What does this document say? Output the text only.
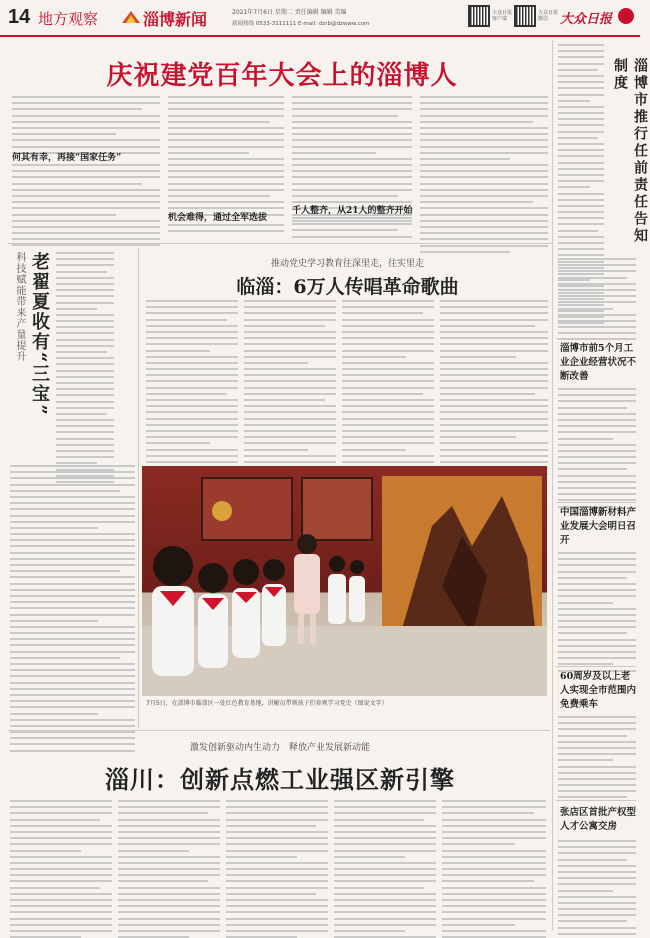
14 地方观察	淄博新闻	2021年7月6日 星期二 责任编辑 编辑 美编
新闻热线 0533-3111111 E-mail: dzrb@dzwww.com
大众日报客户端
大众日报微信 大众日报
庆祝建党百年大会上的淄博人
何其有幸，再接“国家任务”
机会难得，通过全军选拔
千人整齐，从21人的整齐开始
科技赋能带来产量提升 老翟夏收有“三宝”	推动党史学习教育往深里走，往实里走
临淄：6万人传唱革命歌曲
7月5日，在淄博市临淄区一处红色教育基地，讲解员带领孩子们参观学习党史（图说文字）
淄博市推行任前责任告知制度
淄博市前5个月工业企业经营状况不断改善
中国淄博新材料产业发展大会明日召开
60周岁及以上老人实现全市范围内免费乘车
张店区首批产权型人才公寓交房
激发创新驱动内生动力　释放产业发展新动能
淄川：创新点燃工业强区新引擎
